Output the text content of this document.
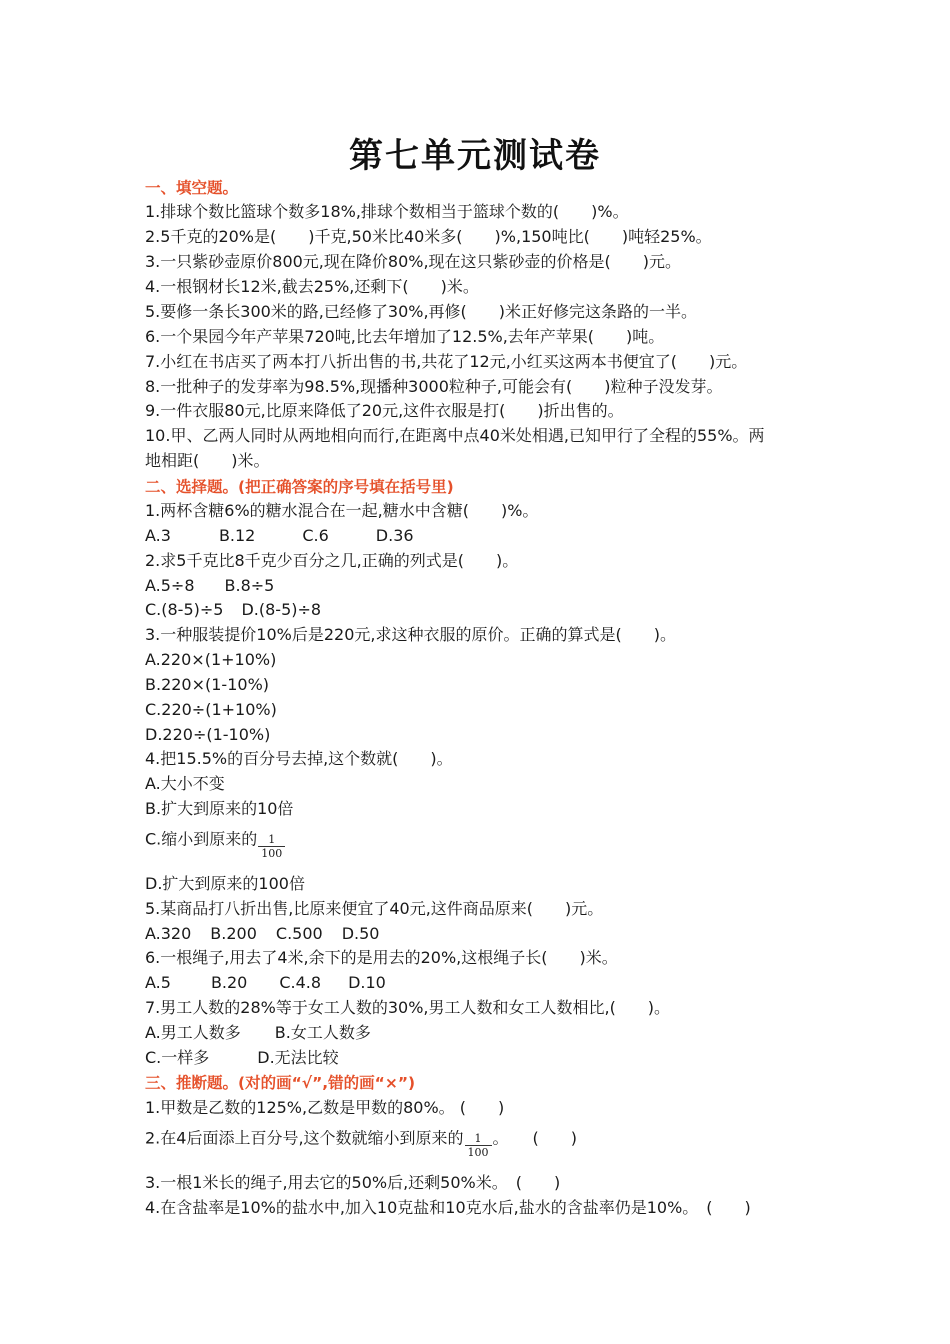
第七单元测试卷
一、填空题。
1.排球个数比篮球个数多18%,排球个数相当于篮球个数的(　　)%。
2.5千克的20%是(　　)千克,50米比40米多(　　)%,150吨比(　　)吨轻25%。
3.一只紫砂壶原价800元,现在降价80%,现在这只紫砂壶的价格是(　　)元。
4.一根钢材长12米,截去25%,还剩下(　　)米。
5.要修一条长300米的路,已经修了30%,再修(　　)米正好修完这条路的一半。
6.一个果园今年产苹果720吨,比去年增加了12.5%,去年产苹果(　　)吨。
7.小红在书店买了两本打八折出售的书,共花了12元,小红买这两本书便宜了(　　)元。
8.一批种子的发芽率为98.5%,现播种3000粒种子,可能会有(　　)粒种子没发芽。
9.一件衣服80元,比原来降低了20元,这件衣服是打(　　)折出售的。
10.甲、乙两人同时从两地相向而行,在距离中点40米处相遇,已知甲行了全程的55%。两
地相距(　　)米。
二、选择题。(把正确答案的序号填在括号里)
1.两杯含糖6%的糖水混合在一起,糖水中含糖(　　)%。
A.3	B.12	C.6	D.36
2.求5千克比8千克少百分之几,正确的列式是(　　)。
A.5÷8 B.8÷5
C.(8-5)÷5 D.(8-5)÷8
3.一种服装提价10%后是220元,求这种衣服的原价。正确的算式是(　　)。
A.220×(1+10%)
B.220×(1-10%)
C.220÷(1+10%)
D.220÷(1-10%)
4.把15.5%的百分号去掉,这个数就(　　)。
A.大小不变
B.扩大到原来的10倍
C.缩小到原来的 $\frac{1}{100}$
D.扩大到原来的100倍
5.某商品打八折出售,比原来便宜了40元,这件商品原来(　　)元。
A.320 B.200 C.500 D.50
6.一根绳子,用去了4米,余下的是用去的20%,这根绳子长(　　)米。
A.5	B.20 C.4.8 D.10
7.男工人数的28%等于女工人数的30%,男工人数和女工人数相比,(　　)。
A.男工人数多 B.女工人数多
C.一样多	D.无法比较
三、推断题。(对的画“√”,错的画“×”)
1.甲数是乙数的125%,乙数是甲数的80%。 (　　)
2.在4后面添上百分号,这个数就缩小到原来的 $\frac{1}{100}$ 。　　(　　)
3.一根1米长的绳子,用去它的50%后,还剩50%米。　(　　)
4.在含盐率是10%的盐水中,加入10克盐和10克水后,盐水的含盐率仍是10%。　(　　)
